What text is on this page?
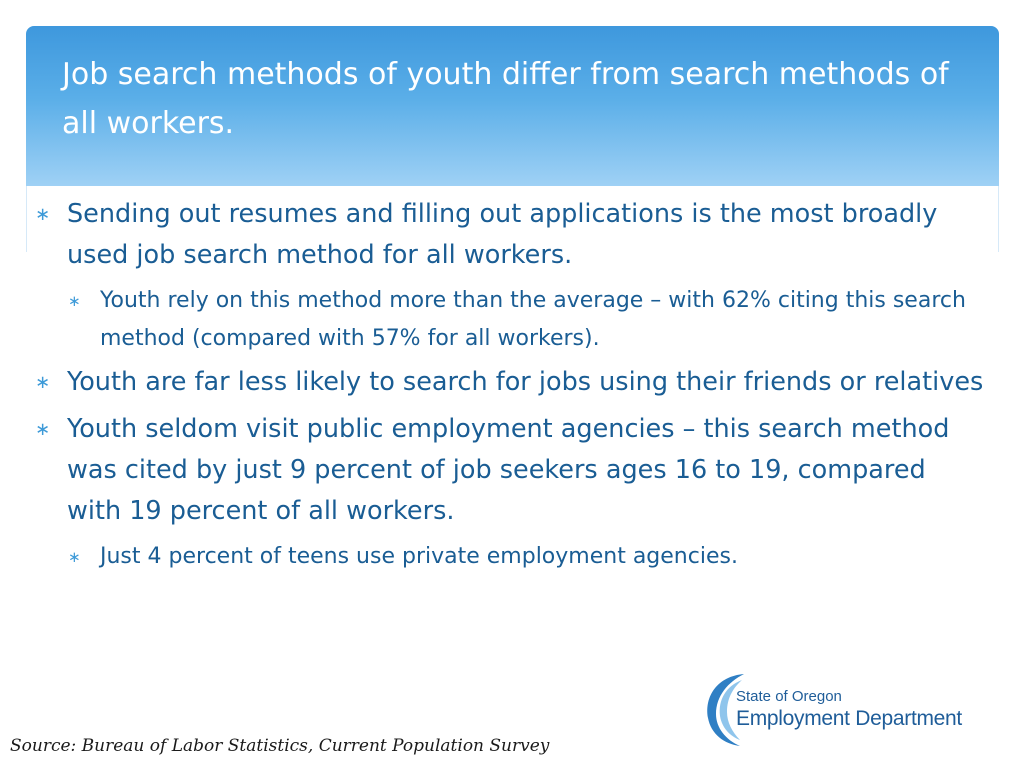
Job search methods of youth differ from search methods of all workers.
∗ Sending out resumes and filling out applications is the most broadly used job search method for all workers.
∗ Youth rely on this method more than the average – with 62% citing this search method (compared with 57% for all workers).
∗ Youth are far less likely to search for jobs using their friends or relatives
∗ Youth seldom visit public employment agencies – this search method was cited by just 9 percent of job seekers ages 16 to 19, compared with 19 percent of all workers.
∗ Just 4 percent of teens use private employment agencies.
Source: Bureau of Labor Statistics, Current Population Survey
State of Oregon
Employment Department
